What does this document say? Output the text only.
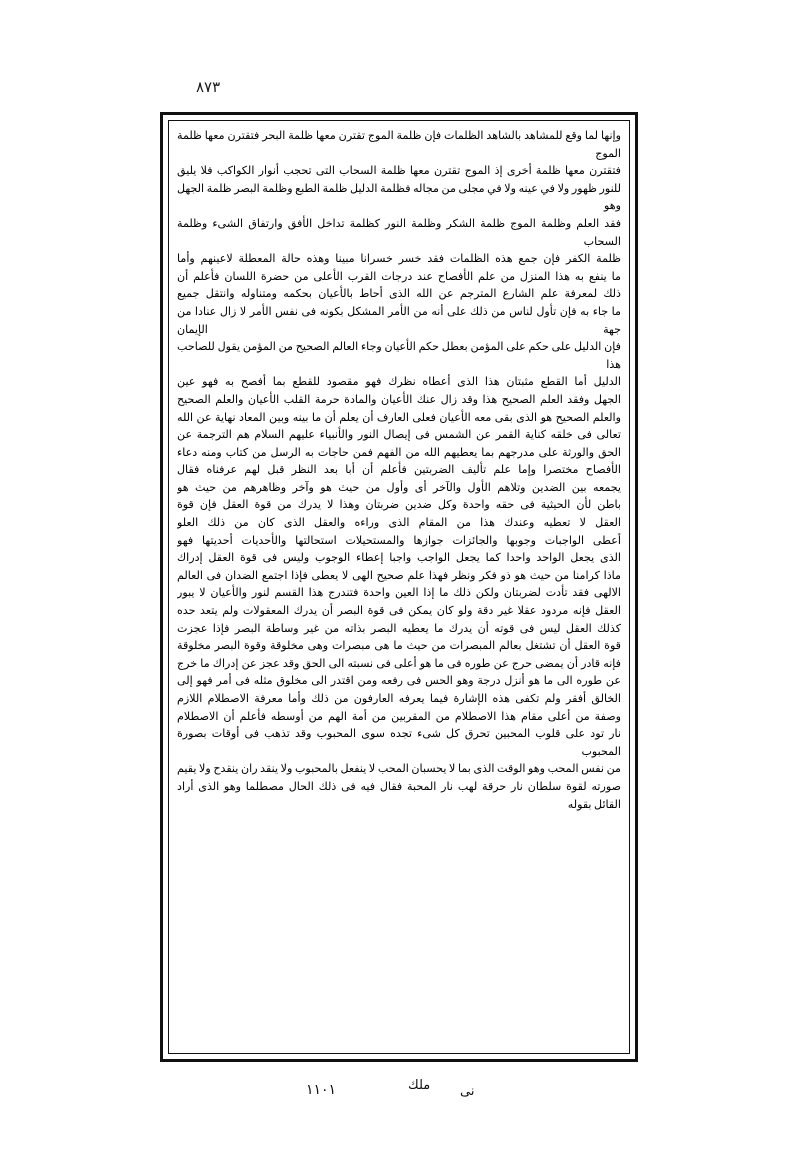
٨٧٣

وإنها لما وقع للمشاهد بالشاهد الظلمات فإن ظلمة الموج تقترن معها ظلمة البحر فتقترن معها ظلمة الموج

فتقترن معها ظلمة أخرى إذ الموج تقترن معها ظلمة السحاب التى تحجب أنوار الكواكب فلا يليق

للنور ظهور ولا في عينه ولا في مجلى من مجاله فظلمة الدليل ظلمة الطبع وظلمة البصر ظلمة الجهل وهو

فقد العلم وظلمة الموج ظلمة الشكر وظلمة النور كظلمة تداخل الأفق وارتفاق الشىء وظلمة السحاب

ظلمة الكفر فإن جمع هذه الظلمات فقد خسر خسرانا مبينا وهذه حالة المعطلة لاعينهم وأما

ما ينفع به هذا المنزل من علم الأفصاح عند درجات القرب الأعلى من حضرة اللسان فأعلم أن

ذلك لمعرفة علم الشارع المترجم عن الله الذى أحاط بالأعيان بحكمه ومتناوله وانتقل جميع

ما جاء به فإن تأول لناس من ذلك على أنه من الأمر المشكل بكونه فى نفس الأمر لا زال عنادا من جهة الإيمان

فإن الدليل على حكم على المؤمن بعطل حكم الأعيان وجاء العالم الصحيح من المؤمن يقول للصاحب هذا

الدليل أما القطع مثبتان هذا الذى أعطاه نظرك فهو مقصود للقطع بما أفصح به فهو عين

الجهل وفقد العلم الصحيح هذا وقد زال عنك الأعيان والمادة حرمة القلب الأعيان والعلم الصحيح

والعلم الصحيح هو الذى بقى معه الأعيان فعلى العارف أن يعلم أن ما بينه وبين المعاد نهاية عن الله

تعالى فى خلقه كناية القمر عن الشمس فى إيصال النور والأنبياء عليهم السلام هم الترجمة عن

الحق والورثة على مدرجهم بما يعطيهم الله من الفهم فمن حاجات به الرسل من كتاب ومنه دعاء

الأفصاح مختصرا وإما علم تأليف الضربتين فأعلم أن أبا بعد النظر قبل لهم عرفناه فقال

يجمعه بين الضدين وتلاهم الأول والآخر أى وأول من حيث هو وآخر وظاهرهم من حيث هو

باطن لأن الحيثية فى حقه واحدة وكل ضدين ضربتان وهذا لا يدرك من قوة العقل فإن قوة

العقل لا تعطيه وعندك هذا من المقام الذى وراءه والعقل الذى كان من ذلك العلو

أعطى الواجبات وجوبها والجائزات جوازها والمستحيلات استحالتها والأحديات أحديتها فهو

الذى يجعل الواحد واحدا كما يجعل الواجب واجبا إعطاء الوجوب وليس فى قوة العقل إدراك

ماذا كرامنا من حيث هو ذو فكر ونظر فهذا علم صحيح الهى لا يعطى فإذا اجتمع الضدان فى العالم

الالهى فقد تأدت لضربتان ولكن ذلك ما إذا العين واحدة فتندرج هذا القسم لنور والأعيان لا يبور

العقل فإنه مردود عقلا غير دقة ولو كان يمكن فى قوة البصر أن يدرك المعقولات ولم يتعد حده

كذلك العقل ليس فى قوته أن يدرك ما يعطيه البصر بذاته من غير وساطة البصر فإذا عجزت

قوة العقل أن تشتغل بعالم المبصرات من حيث ما هى مبصرات وهى مخلوقة وقوة البصر مخلوقة

فإنه قادر أن يمضى حرج عن طوره فى ما هو أعلى فى نسبته الى الحق وقد عجز عن إدراك ما خرج

عن طوره الى ما هو أنزل درجة وهو الحس فى رفعه ومن اقتدر الى مخلوق مثله فى أمر فهو إلى

الخالق أفقر ولم تكفى هذه الإشارة فيما يعرفه العارفون من ذلك وأما معرفة الاصطلام اللازم

وصفة من أعلى مقام هذا الاصطلام من المقربين من أمة الهم من أوسطه فأعلم أن الاصطلام

نار تود على قلوب المحبين تحرق كل شىء تجده سوى المحبوب وقد تذهب فى أوقات بصورة المحبوب

من نفس المحب وهو الوقت الذى بما لا يحسبان المحب لا ينفعل بالمحبوب ولا ينقد ران ينقدح ولا يقيم

صورته لقوة سلطان نار حرقة لهب نار المحبة فقال فيه فى ذلك الحال مصطلما وهو الذى أراد

القائل بقوله

١١٠١	ملك نى
